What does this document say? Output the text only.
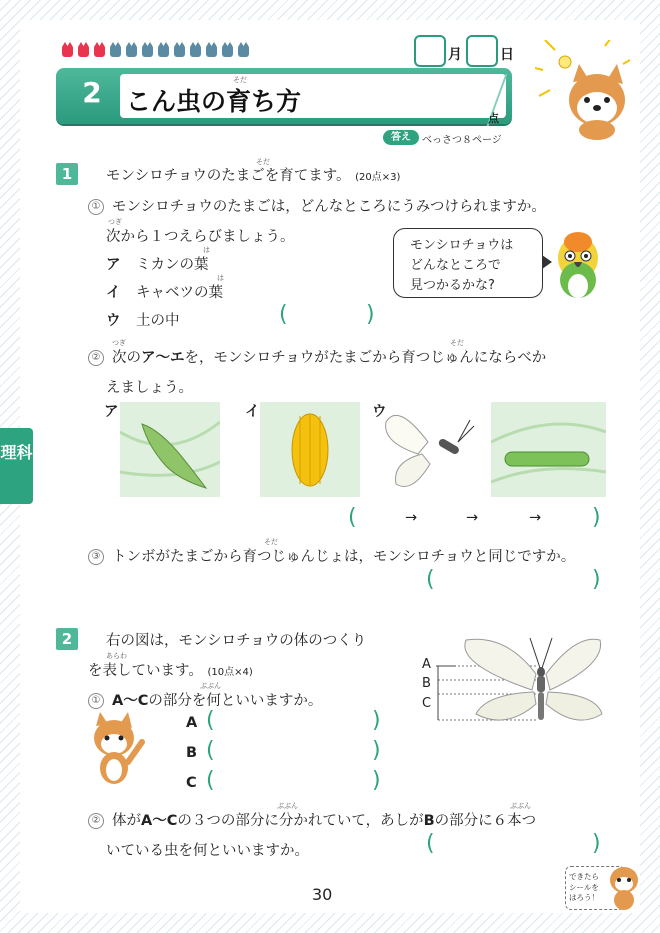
月	日
2 こん虫の育ち方
点
そだ
答え	べっさつ８ページ
理科
1	モンシロチョウのたまごを育てます。 (20点×3)
そだ
① モンシロチョウのたまごは，どんなところにうみつけられますか。
次から１つえらびましょう。
つぎ
ア ミカンの葉
は
イ キャベツの葉
は
ウ 土の中	(	)
モンシロチョウは
どんなところで
見つかるかな?
② 次のア〜エを，モンシロチョウがたまごから育つじゅんにならべか
つぎ	そだ
えましょう。
ア	イ	ウ
(	→	→	→ )
③ トンボがたまごから育つじゅんじょは，モンシロチョウと同じですか。
そだ
(	)
2	右の図は，モンシロチョウの体のつくり
を表しています。 (10点×4)
あらわ
① A〜Cの部分を何といいますか。
ぶぶん
A (	)
B (	)
C (	)
A
B
C
② 体がA〜Cの３つの部分に分かれていて，あしがBの部分に６本つ
ぶぶん	ぶぶん
いている虫を何といいますか。	(	)
30
できたら
シールを
はろう！
